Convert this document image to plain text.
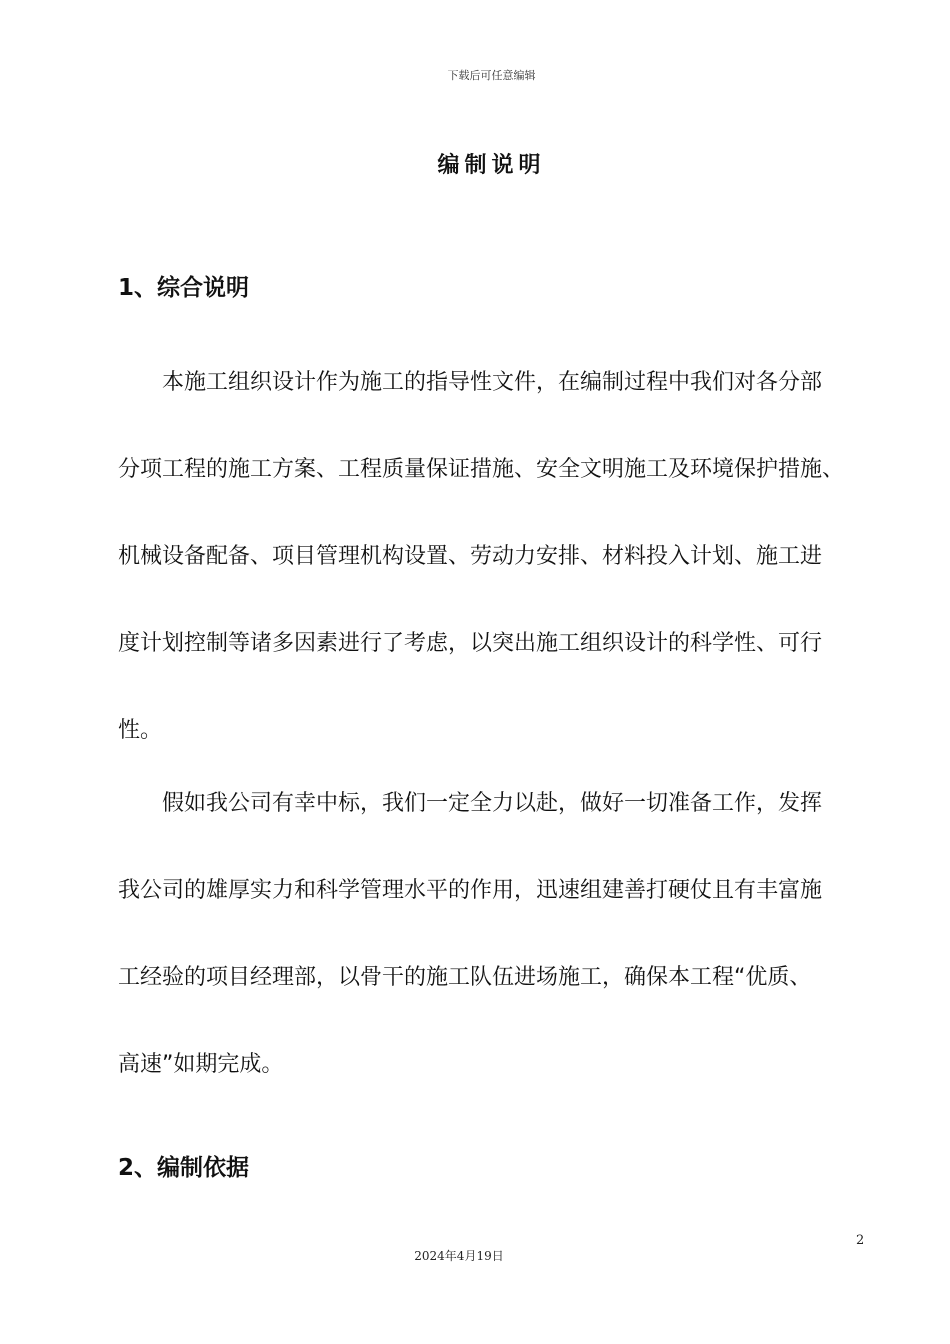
下载后可任意编辑
编制说明
1、综合说明
本施工组织设计作为施工的指导性文件，在编制过程中我们对各分部
分项工程的施工方案、工程质量保证措施、安全文明施工及环境保护措施、
机械设备配备、项目管理机构设置、劳动力安排、材料投入计划、施工进
度计划控制等诸多因素进行了考虑，以突出施工组织设计的科学性、可行
性。
假如我公司有幸中标，我们一定全力以赴，做好一切准备工作，发挥
我公司的雄厚实力和科学管理水平的作用，迅速组建善打硬仗且有丰富施
工经验的项目经理部，以骨干的施工队伍进场施工，确保本工程“优质、
高速”如期完成。
2、编制依据
2
2024年4月19日
